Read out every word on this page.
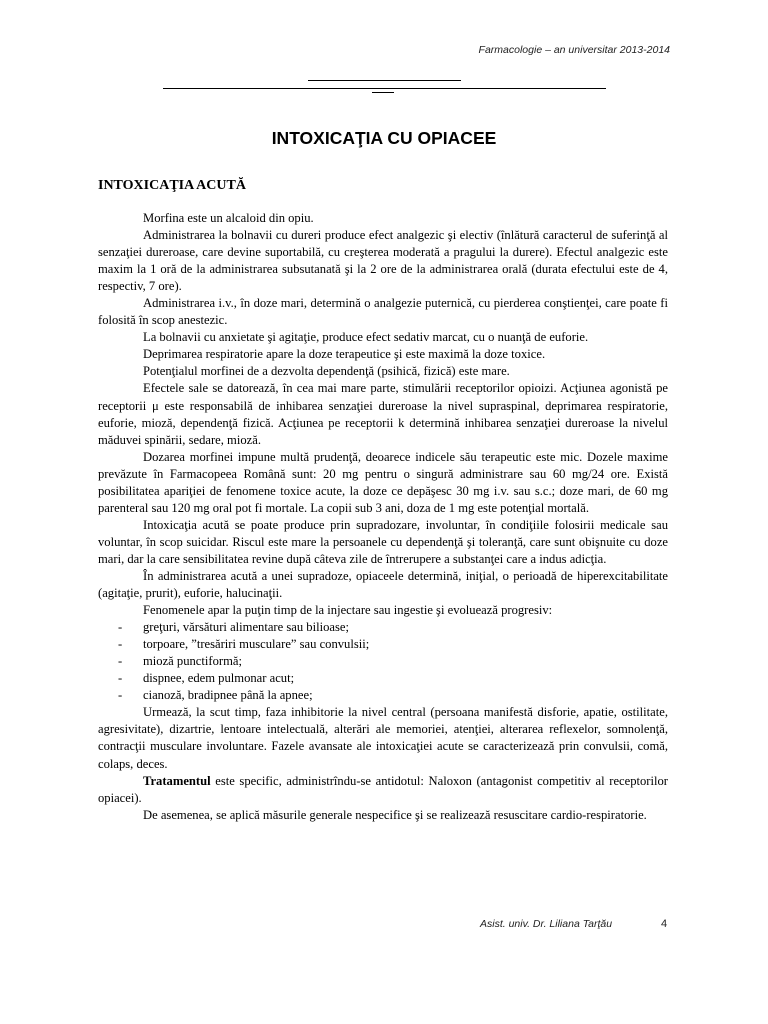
Farmacologie – an universitar 2013-2014
INTOXICAŢIA CU OPIACEE
INTOXICAŢIA ACUTĂ

Morfina este un alcaloid din opiu.

Administrarea la bolnavii cu dureri produce efect analgezic şi electiv (înlătură caracterul de suferinţă al senzaţiei dureroase, care devine suportabilă, cu creşterea moderată a pragului la durere). Efectul analgezic este maxim la 1 oră de la administrarea subsutanată şi la 2 ore de la administrarea orală (durata efectului este de 4, respectiv, 7 ore).

Administrarea i.v., în doze mari, determină o analgezie puternică, cu pierderea conştienţei, care poate fi folosită în scop anestezic.

La bolnavii cu anxietate şi agitaţie, produce efect sedativ marcat, cu o nuanţă de euforie.

Deprimarea respiratorie apare la doze terapeutice şi este maximă la doze toxice.

Potenţialul morfinei de a dezvolta dependenţă (psihică, fizică) este mare.

Efectele sale se datorează, în cea mai mare parte, stimulării receptorilor opioizi. Acţiunea agonistă pe receptorii μ este responsabilă de inhibarea senzaţiei dureroase la nivel supraspinal, deprimarea respiratorie, euforie, mioză, dependenţă fizică. Acţiunea pe receptorii k determină inhibarea senzaţiei dureroase la nivelul măduvei spinării, sedare, mioză.

Dozarea morfinei impune multă prudenţă, deoarece indicele său terapeutic este mic. Dozele maxime prevăzute în Farmacopeea Română sunt: 20 mg pentru o singură administrare sau 60 mg/24 ore. Există posibilitatea apariţiei de fenomene toxice acute, la doze ce depăşesc 30 mg i.v. sau s.c.; doze mari, de 60 mg parenteral sau 120 mg oral pot fi mortale. La copii sub 3 ani, doza de 1 mg este potenţial mortală.

Intoxicaţia acută se poate produce prin supradozare, involuntar, în condiţiile folosirii medicale sau voluntar, în scop suicidar. Riscul este mare la persoanele cu dependenţă şi toleranţă, care sunt obişnuite cu doze mari, dar la care sensibilitatea revine după câteva zile de întrerupere a substanţei care a indus adicţia.

În administrarea acută a unei supradoze, opiaceele determină, iniţial, o perioadă de hiperexcitabilitate (agitaţie, prurit), euforie, halucinaţii.

Fenomenele apar la puţin timp de la injectare sau ingestie şi evoluează progresiv:

- greţuri, vărsături alimentare sau bilioase;
- torpoare, ”tresăriri musculare” sau convulsii;
- mioză punctiformă;
- dispnee, edem pulmonar acut;
- cianoză, bradipnee până la apnee;

Urmează, la scut timp, faza inhibitorie la nivel central (persoana manifestă disforie, apatie, ostilitate, agresivitate), dizartrie, lentoare intelectuală, alterări ale memoriei, atenţiei, alterarea reflexelor, somnolenţă, contracţii musculare involuntare. Fazele avansate ale intoxicaţiei acute se caracterizează prin convulsii, comă, colaps, deces.

Tratamentul este specific, administrîndu-se antidotul: Naloxon (antagonist competitiv al receptorilor opiacei).

De asemenea, se aplică măsurile generale nespecifice şi se realizează resuscitare cardio-respiratorie.

Asist. univ. Dr. Liliana Tarţău	4
